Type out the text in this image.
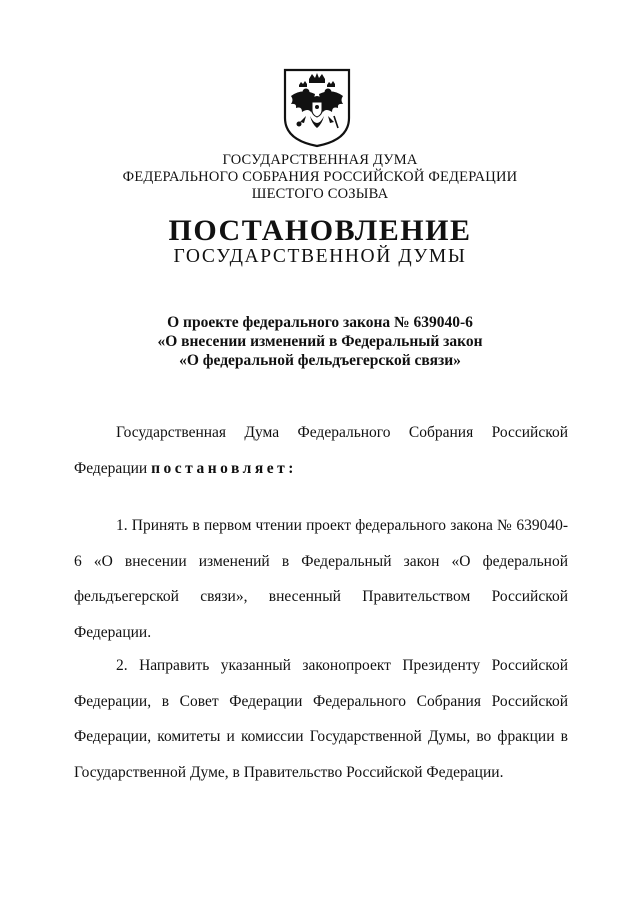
ГОСУДАРСТВЕННАЯ ДУМА
ФЕДЕРАЛЬНОГО СОБРАНИЯ РОССИЙСКОЙ ФЕДЕРАЦИИ
ШЕСТОГО СОЗЫВА
ПОСТАНОВЛЕНИЕ
ГОСУДАРСТВЕННОЙ ДУМЫ
О проекте федерального закона № 639040-6
«О внесении изменений в Федеральный закон
«О федеральной фельдъегерской связи»
Государственная Дума Федерального Собрания Российской Федерации постановляет:
1. Принять в первом чтении проект федерального закона № 639040-6 «О внесении изменений в Федеральный закон «О федеральной фельдъегерской связи», внесенный Правительством Российской Федерации.
2. Направить указанный законопроект Президенту Российской Федерации, в Совет Федерации Федерального Собрания Российской Федерации, комитеты и комиссии Государственной Думы, во фракции в Государственной Думе, в Правительство Российской Федерации.
